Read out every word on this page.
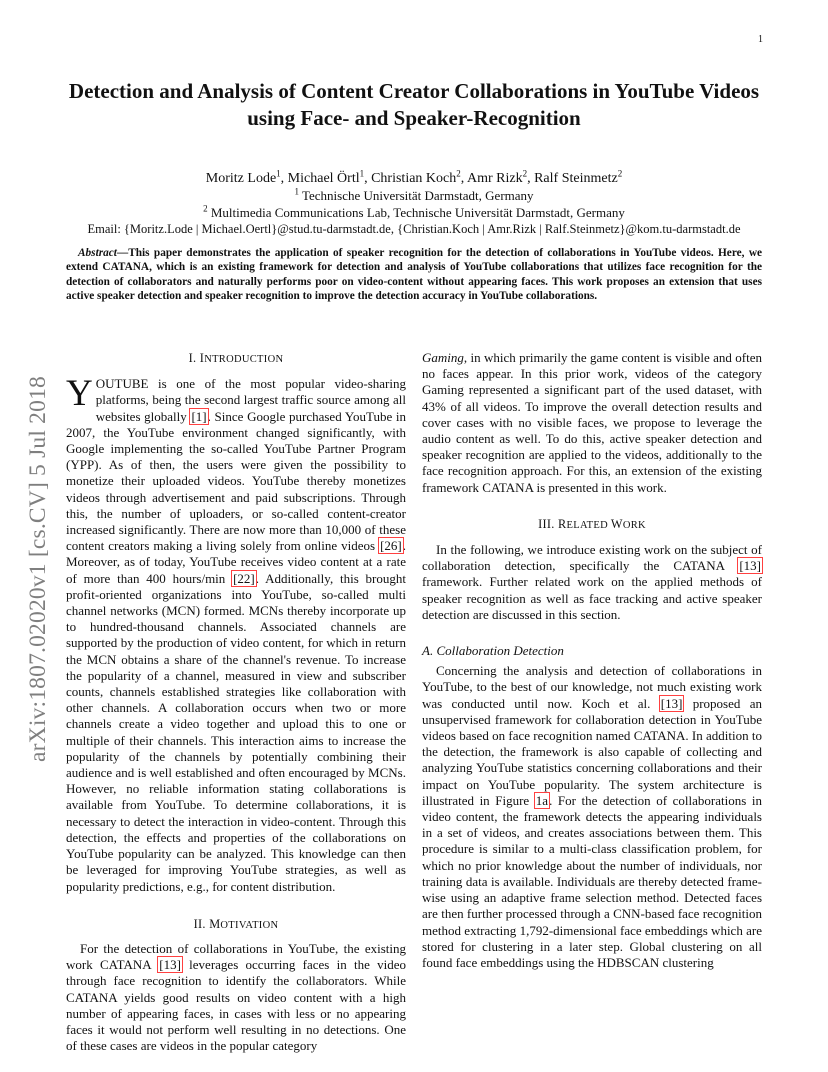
1
arXiv:1807.02020v1 [cs.CV] 5 Jul 2018
Detection and Analysis of Content Creator Collaborations in YouTube Videos using Face- and Speaker-Recognition
Moritz Lode$^1$, Michael Örtl$^1$, Christian Koch$^2$, Amr Rizk$^2$, Ralf Steinmetz$^2$
$^1$ Technische Universität Darmstadt, Germany
$^2$ Multimedia Communications Lab, Technische Universität Darmstadt, Germany
Email: {Moritz.Lode | Michael.Oertl}@stud.tu-darmstadt.de, {Christian.Koch | Amr.Rizk | Ralf.Steinmetz}@kom.tu-darmstadt.de

Abstract—This paper demonstrates the application of speaker recognition for the detection of collaborations in YouTube videos. Here, we extend CATANA, which is an existing framework for detection and analysis of YouTube collaborations that utilizes face recognition for the detection of collaborators and naturally performs poor on video-content without appearing faces. This work proposes an extension that uses active speaker detection and speaker recognition to improve the detection accuracy in YouTube collaborations.

I. INTRODUCTION

YOUTUBE is one of the most popular video-sharing platforms, being the second largest traffic source among all websites globally [1]. Since Google purchased YouTube in 2007, the YouTube environment changed significantly, with Google implementing the so-called YouTube Partner Program (YPP). As of then, the users were given the possibility to monetize their uploaded videos. YouTube thereby monetizes videos through advertisement and paid subscriptions. Through this, the number of uploaders, or so-called content-creator increased significantly. There are now more than 10,000 of these content creators making a living solely from online videos [26]. Moreover, as of today, YouTube receives video content at a rate of more than 400 hours/min [22]. Additionally, this brought profit-oriented organizations into YouTube, so-called multi channel networks (MCN) formed. MCNs thereby incorporate up to hundred-thousand channels. Associated channels are supported by the production of video content, for which in return the MCN obtains a share of the channel's revenue. To increase the popularity of a channel, measured in view and subscriber counts, channels established strategies like collaboration with other channels. A collaboration occurs when two or more channels create a video together and upload this to one or multiple of their channels. This interaction aims to increase the popularity of the channels by potentially combining their audience and is well established and often encouraged by MCNs. However, no reliable information stating collaborations is available from YouTube. To determine collaborations, it is necessary to detect the interaction in video-content. Through this detection, the effects and properties of the collaborations on YouTube popularity can be analyzed. This knowledge can then be leveraged for improving YouTube strategies, as well as popularity predictions, e.g., for content distribution.

II. MOTIVATION

For the detection of collaborations in YouTube, the existing work CATANA [13] leverages occurring faces in the video through face recognition to identify the collaborators. While CATANA yields good results on video content with a high number of appearing faces, in cases with less or no appearing faces it would not perform well resulting in no detections. One of these cases are videos in the popular category

Gaming, in which primarily the game content is visible and often no faces appear. In this prior work, videos of the category Gaming represented a significant part of the used dataset, with 43% of all videos. To improve the overall detection results and cover cases with no visible faces, we propose to leverage the audio content as well. To do this, active speaker detection and speaker recognition are applied to the videos, additionally to the face recognition approach. For this, an extension of the existing framework CATANA is presented in this work.

III. RELATED WORK

In the following, we introduce existing work on the subject of collaboration detection, specifically the CATANA [13] framework. Further related work on the applied methods of speaker recognition as well as face tracking and active speaker detection are discussed in this section.

A. Collaboration Detection

Concerning the analysis and detection of collaborations in YouTube, to the best of our knowledge, not much existing work was conducted until now. Koch et al. [13] proposed an unsupervised framework for collaboration detection in YouTube videos based on face recognition named CATANA. In addition to the detection, the framework is also capable of collecting and analyzing YouTube statistics concerning collaborations and their impact on YouTube popularity. The system architecture is illustrated in Figure 1a. For the detection of collaborations in video content, the framework detects the appearing individuals in a set of videos, and creates associations between them. This procedure is similar to a multi-class classification problem, for which no prior knowledge about the number of individuals, nor training data is available. Individuals are thereby detected frame-wise using an adaptive frame selection method. Detected faces are then further processed through a CNN-based face recognition method extracting 1,792-dimensional face embeddings which are stored for clustering in a later step. Global clustering on all found face embeddings using the HDBSCAN clustering
